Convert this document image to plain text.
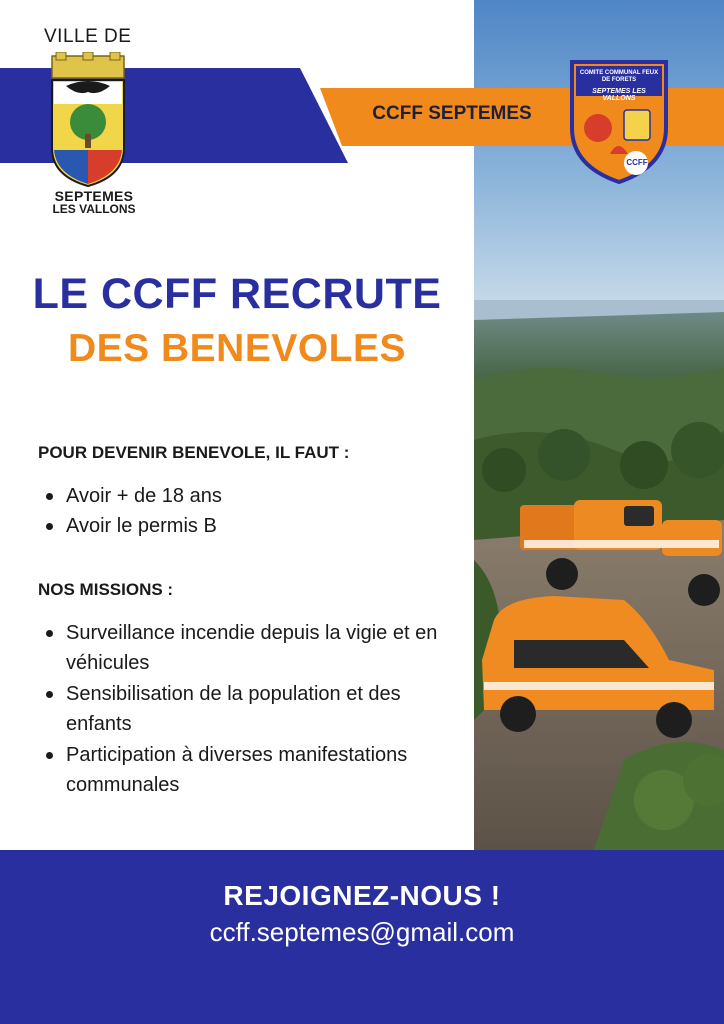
CCFF SEPTEMES
COMITE COMMUNAL FEUX DE FORETS
SEPTEMES LES VALLONS
CCFF
VILLE DE
SEPTEMES
LES VALLONS
LE CCFF RECRUTE
DES BENEVOLES
POUR DEVENIR BENEVOLE, IL FAUT :
Avoir + de 18 ans
Avoir le permis B
NOS MISSIONS :
Surveillance incendie depuis la vigie et en véhicules
Sensibilisation de la population et des enfants
Participation à diverses manifestations communales
REJOIGNEZ-NOUS !
ccff.septemes@gmail.com
